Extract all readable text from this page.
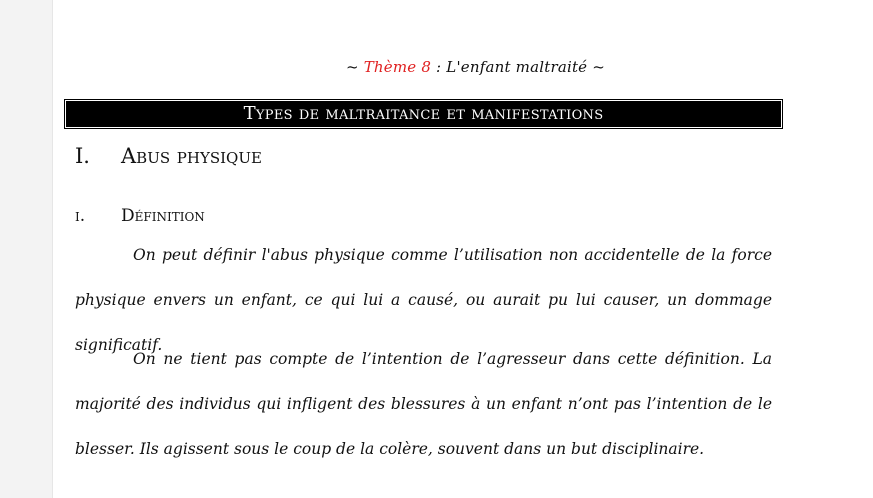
~ Thème 8 : L'enfant maltraité ~
Types de maltraitance et manifestations
I. Abus physique
i. Définition
On peut définir l'abus physique comme l’utilisation non accidentelle de la force physique envers un enfant, ce qui lui a causé, ou aurait pu lui causer, un dommage significatif.
On ne tient pas compte de l’intention de l’agresseur dans cette définition. La majorité des individus qui infligent des blessures à un enfant n’ont pas l’intention de le blesser. Ils agissent sous le coup de la colère, souvent dans un but disciplinaire.
